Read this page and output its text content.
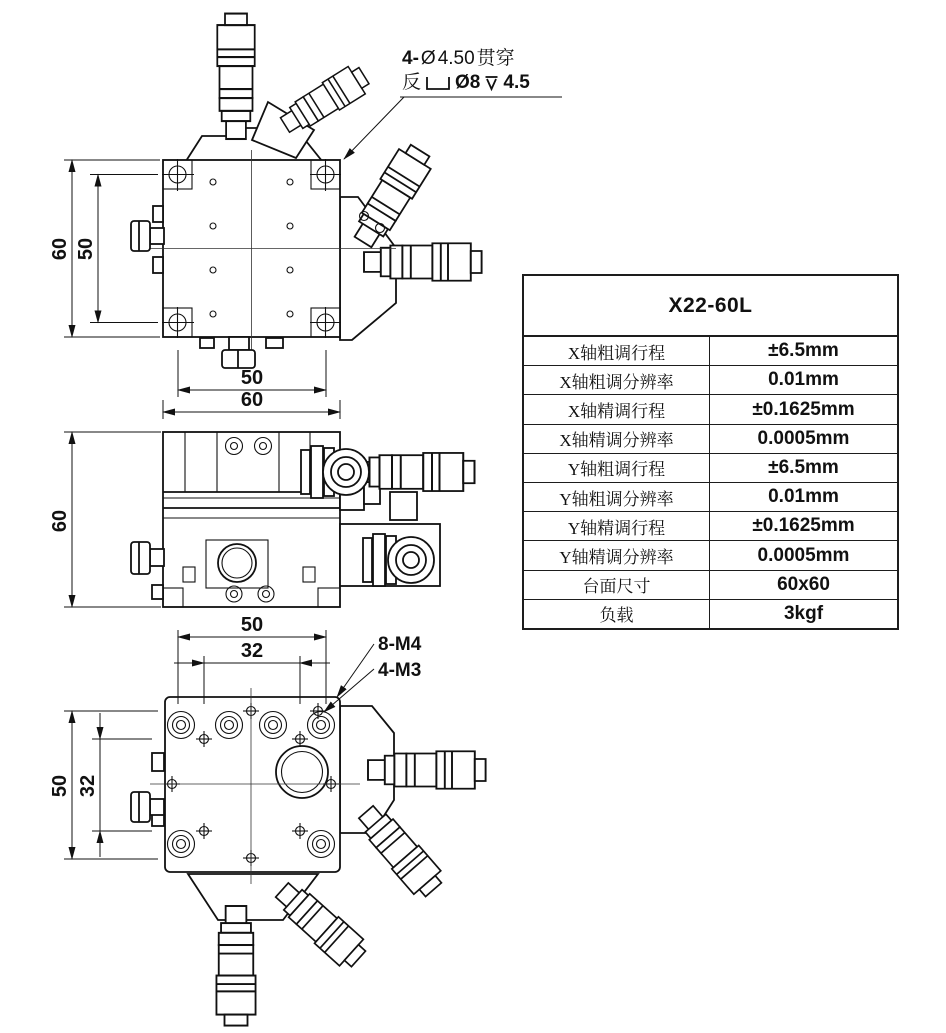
60 50
50
60
60
50
32
50 32
8-M4
4-M3
4- Ø 4.50 贯穿
反 Ø8 4.5
X22-60L
X轴粗调行程	±6.5mm
X轴粗调分辨率	0.01mm
X轴精调行程	±0.1625mm
X轴精调分辨率	0.0005mm
Y轴粗调行程	±6.5mm
Y轴粗调分辨率	0.01mm
Y轴精调行程	±0.1625mm
Y轴精调分辨率	0.0005mm
台面尺寸	60x60
负载	3kgf
